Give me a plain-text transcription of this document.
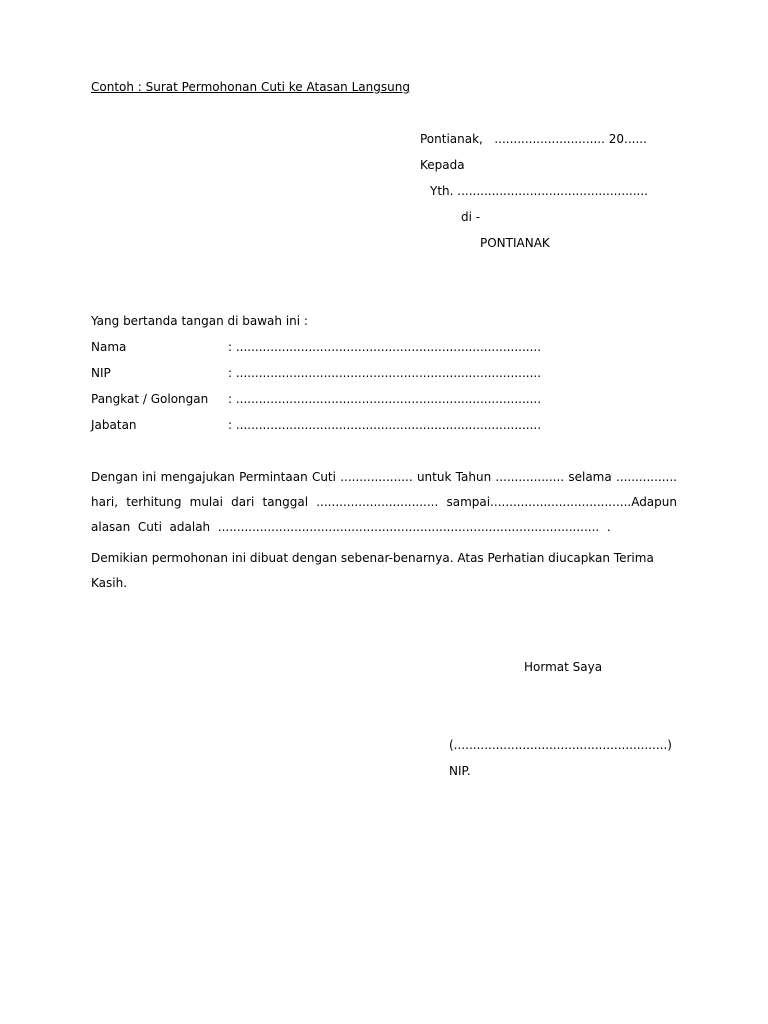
Contoh : Surat Permohonan Cuti ke Atasan Langsung
Pontianak,   ............................. 20......
Kepada
Yth. ..................................................
di -
PONTIANAK
Yang bertanda tangan di bawah ini :
Nama	: ................................................................................
NIP	: ................................................................................
Pangkat / Golongan : ................................................................................
Jabatan	: ................................................................................
Dengan ini mengajukan Permintaan Cuti ................... untuk Tahun .................. selama ................
hari, terhitung mulai dari tanggal ................................ sampai.....................................Adapun
alasan  Cuti  adalah  ....................................................................................................  .
Demikian permohonan ini dibuat dengan sebenar-benarnya. Atas Perhatian diucapkan Terima
Kasih.
Hormat Saya
(........................................................)
NIP.
